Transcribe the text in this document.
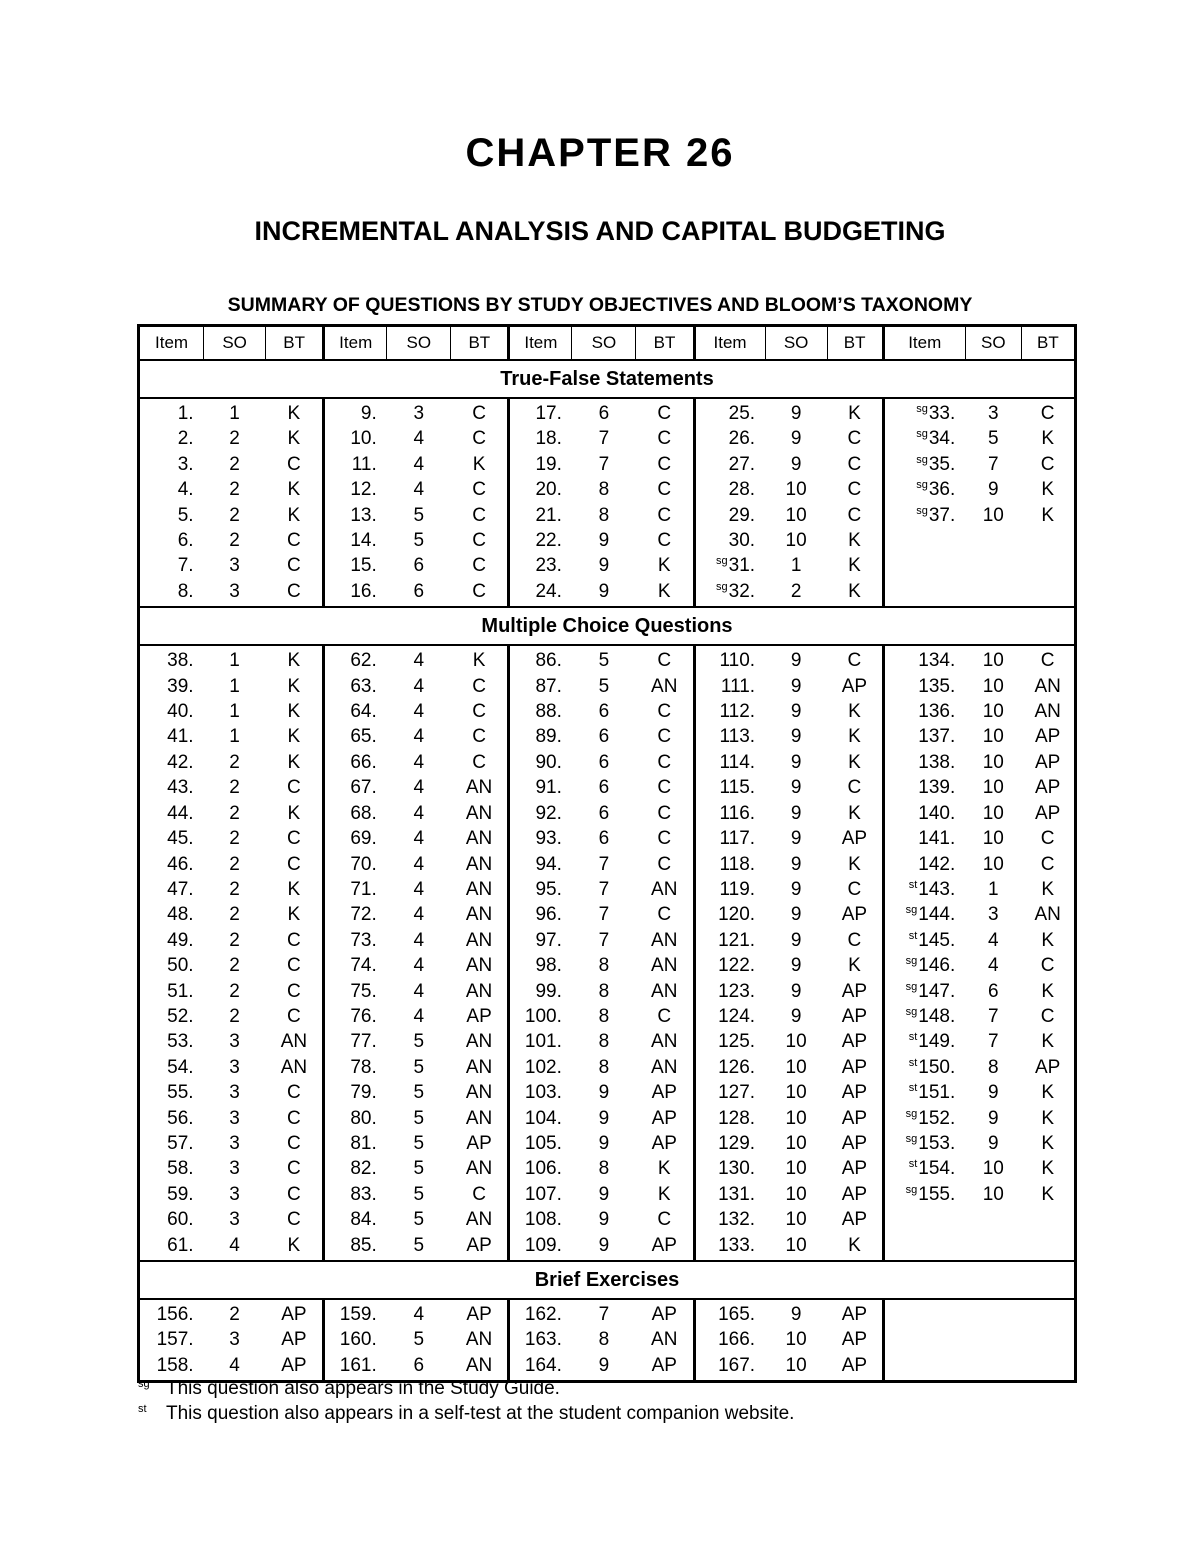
CHAPTER 26
INCREMENTAL ANALYSIS AND CAPITAL BUDGETING
SUMMARY OF QUESTIONS BY STUDY OBJECTIVES AND BLOOM’S TAXONOMY
Item	SO	BT	Item	SO	BT	Item	SO	BT	Item	SO	BT	Item	SO	BT
True-False Statements														
1.	1	K	9.	3	C	17.	6	C	25.	9	K	$^{sg}$33.	3	C
2.	2	K	10.	4	C	18.	7	C	26.	9	C	$^{sg}$34.	5	K
3.	2	C	11.	4	K	19.	7	C	27.	9	C	$^{sg}$35.	7	C
4.	2	K	12.	4	C	20.	8	C	28.	10	C	$^{sg}$36.	9	K
5.	2	K	13.	5	C	21.	8	C	29.	10	C	$^{sg}$37.	10	K
6.	2	C	14.	5	C	22.	9	C	30.	10	K			
7.	3	C	15.	6	C	23.	9	K	$^{sg}$31.	1	K			
8.	3	C	16.	6	C	24.	9	K	$^{sg}$32.	2	K			
Multiple Choice Questions														
38.	1	K	62.	4	K	86.	5	C	110.	9	C	134.	10	C
39.	1	K	63.	4	C	87.	5	AN	111.	9	AP	135.	10	AN
40.	1	K	64.	4	C	88.	6	C	112.	9	K	136.	10	AN
41.	1	K	65.	4	C	89.	6	C	113.	9	K	137.	10	AP
42.	2	K	66.	4	C	90.	6	C	114.	9	K	138.	10	AP
43.	2	C	67.	4	AN	91.	6	C	115.	9	C	139.	10	AP
44.	2	K	68.	4	AN	92.	6	C	116.	9	K	140.	10	AP
45.	2	C	69.	4	AN	93.	6	C	117.	9	AP	141.	10	C
46.	2	C	70.	4	AN	94.	7	C	118.	9	K	142.	10	C
47.	2	K	71.	4	AN	95.	7	AN	119.	9	C	$^{st}$143.	1	K
48.	2	K	72.	4	AN	96.	7	C	120.	9	AP	$^{sg}$144.	3	AN
49.	2	C	73.	4	AN	97.	7	AN	121.	9	C	$^{st}$145.	4	K
50.	2	C	74.	4	AN	98.	8	AN	122.	9	K	$^{sg}$146.	4	C
51.	2	C	75.	4	AN	99.	8	AN	123.	9	AP	$^{sg}$147.	6	K
52.	2	C	76.	4	AP	100.	8	C	124.	9	AP	$^{sg}$148.	7	C
53.	3	AN	77.	5	AN	101.	8	AN	125.	10	AP	$^{st}$149.	7	K
54.	3	AN	78.	5	AN	102.	8	AN	126.	10	AP	$^{st}$150.	8	AP
55.	3	C	79.	5	AN	103.	9	AP	127.	10	AP	$^{st}$151.	9	K
56.	3	C	80.	5	AN	104.	9	AP	128.	10	AP	$^{sg}$152.	9	K
57.	3	C	81.	5	AP	105.	9	AP	129.	10	AP	$^{sg}$153.	9	K
58.	3	C	82.	5	AN	106.	8	K	130.	10	AP	$^{st}$154.	10	K
59.	3	C	83.	5	C	107.	9	K	131.	10	AP	$^{sg}$155.	10	K
60.	3	C	84.	5	AN	108.	9	C	132.	10	AP			
61.	4	K	85.	5	AP	109.	9	AP	133.	10	K			
Brief Exercises														
156.	2	AP	159.	4	AP	162.	7	AP	165.	9	AP			
157.	3	AP	160.	5	AN	163.	8	AN	166.	10	AP			
158.	4	AP	161.	6	AN	164.	9	AP	167.	10	AP			
$^{sg}$ This question also appears in the Study Guide.
$^{st}$ This question also appears in a self-test at the student companion website.
